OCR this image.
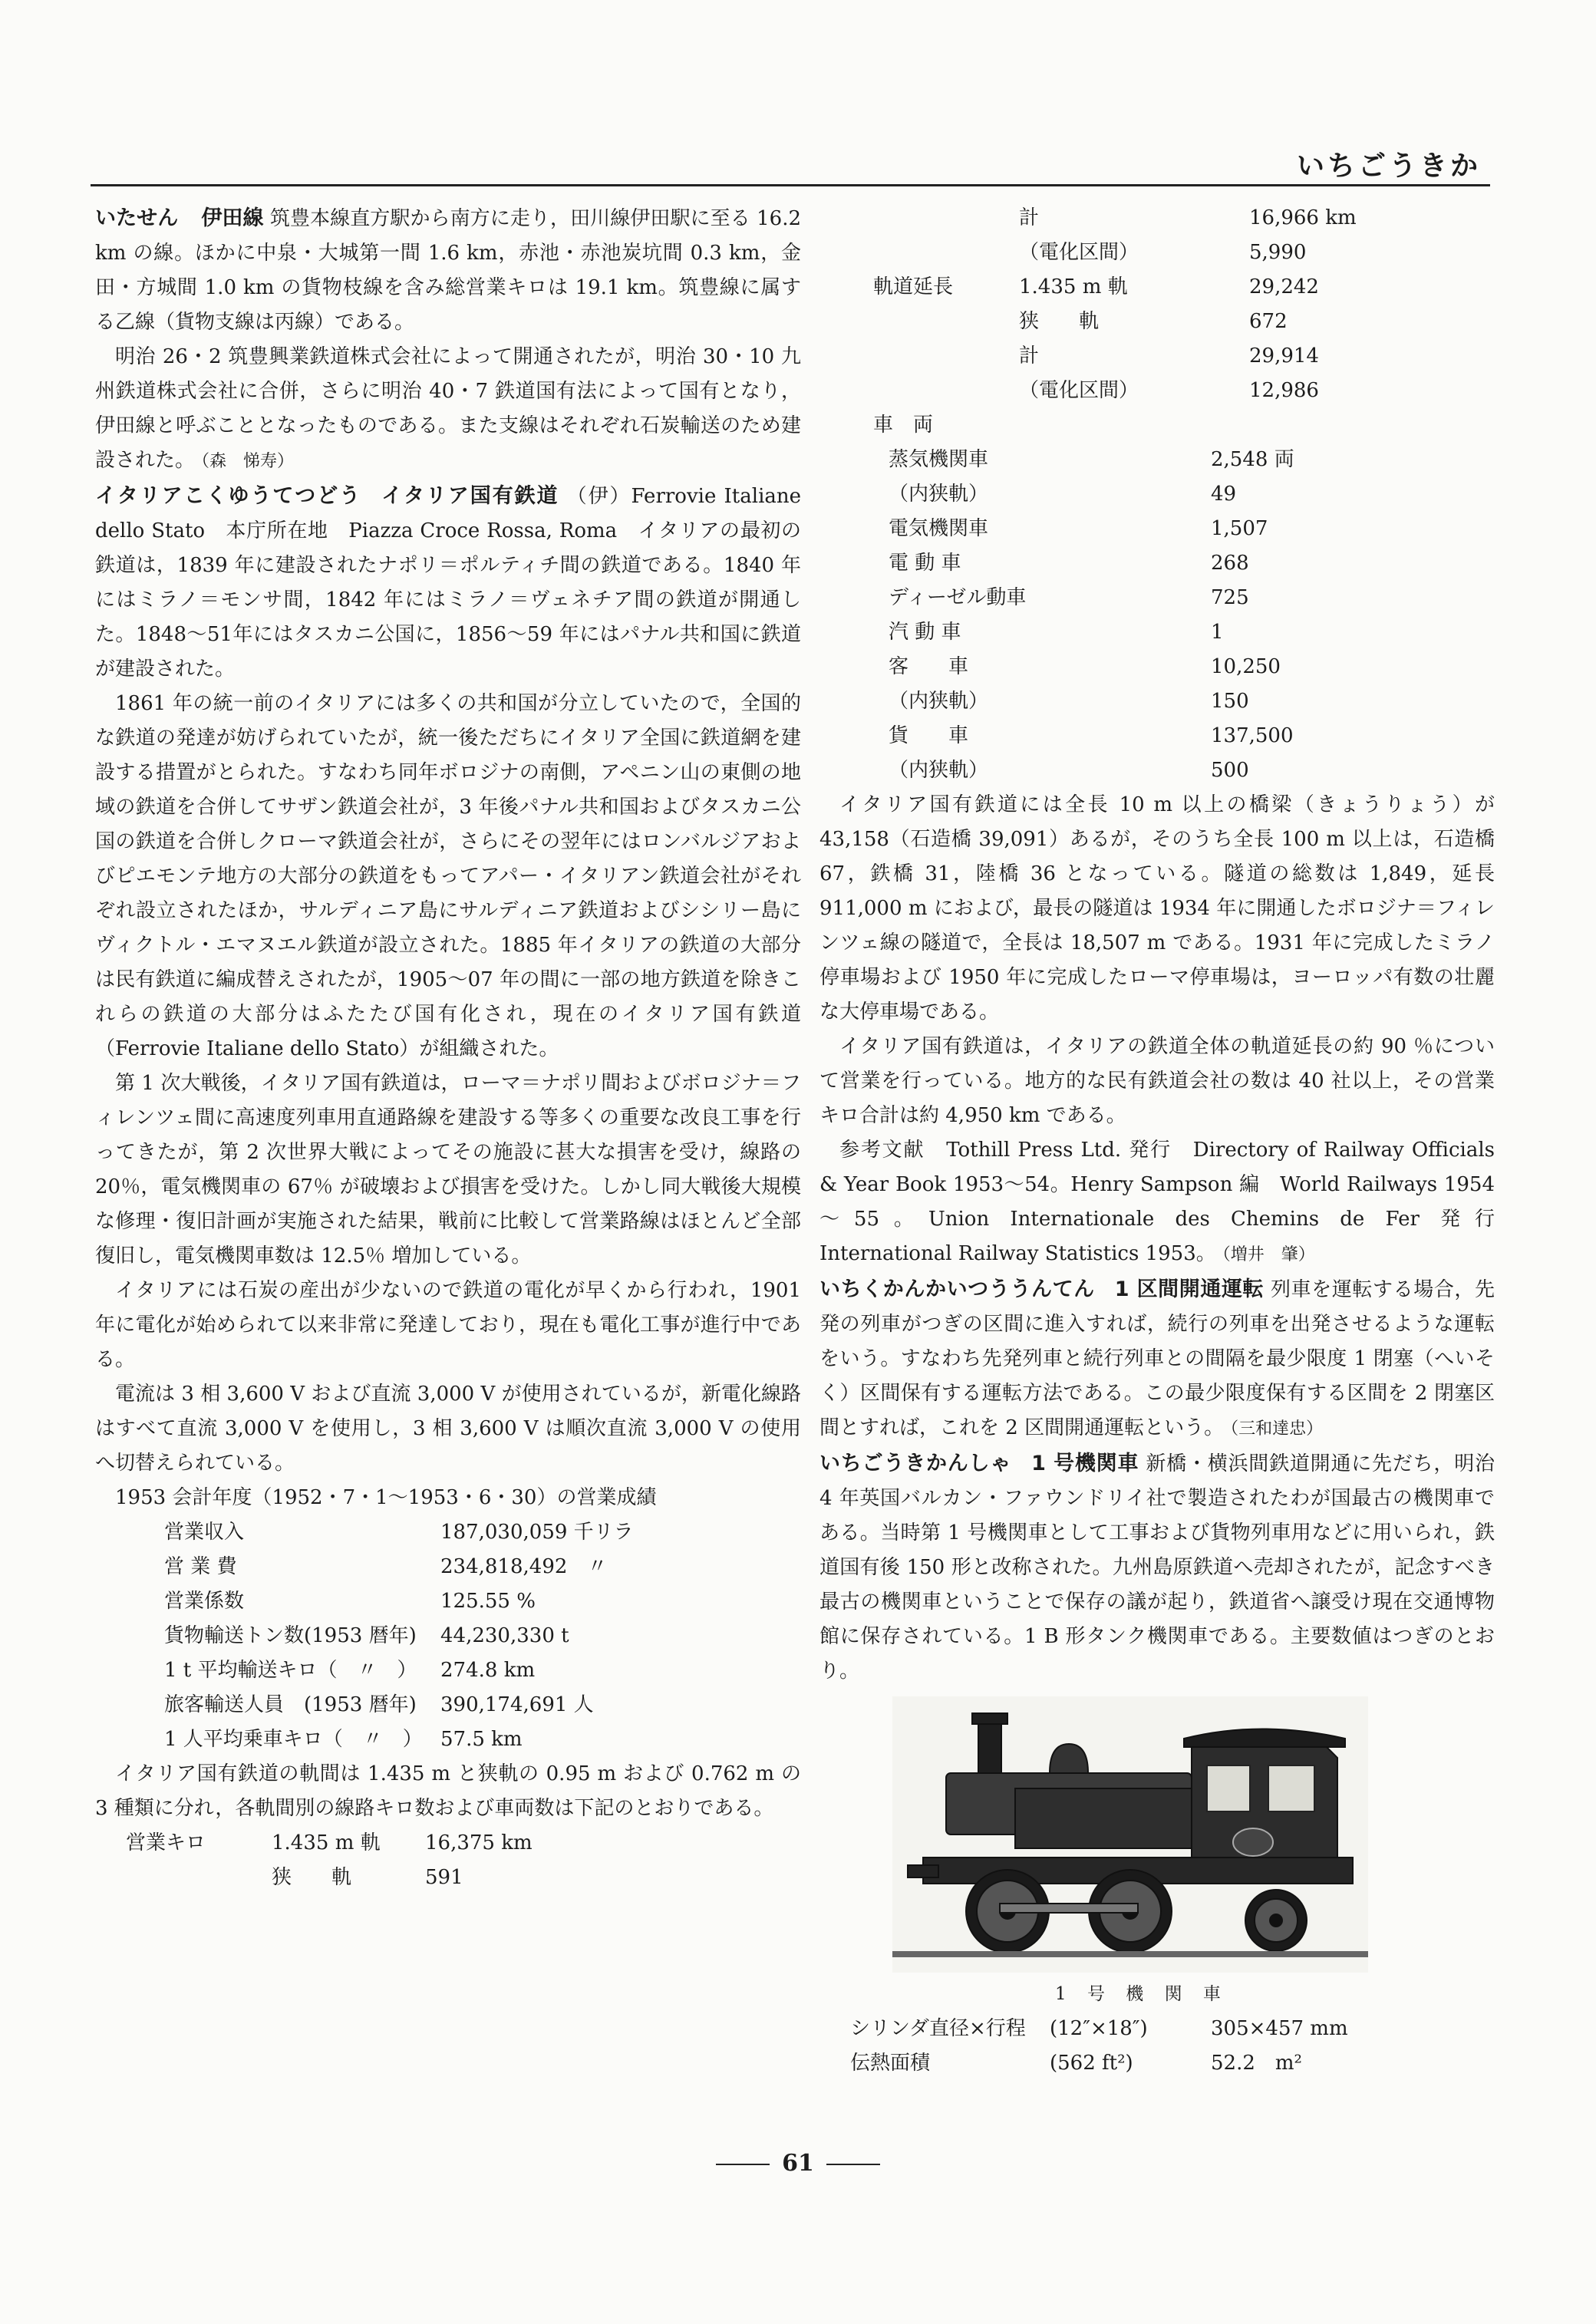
いちごうきか

いたせん 伊田線 筑豊本線直方駅から南方に走り，田川線伊田駅に至る 16.2 km の線。ほかに中泉・大城第一間 1.6 km，赤池・赤池炭坑間 0.3 km，金田・方城間 1.0 km の貨物枝線を含み総営業キロは 19.1 km。筑豊線に属する乙線（貨物支線は丙線）である。

明治 26・2 筑豊興業鉄道株式会社によって開通されたが，明治 30・10 九州鉄道株式会社に合併，さらに明治 40・7 鉄道国有法によって国有となり，伊田線と呼ぶこととなったものである。また支線はそれぞれ石炭輸送のため建設された。 （森　悌寿）

イタリアこくゆうてつどう イタリア国有鉄道 （伊）Ferrovie Italiane dello Stato　本庁所在地　Piazza Croce Rossa, Roma　イタリアの最初の鉄道は，1839 年に建設されたナポリ＝ポルティチ間の鉄道である。1840 年にはミラノ＝モンサ間，1842 年にはミラノ＝ヴェネチア間の鉄道が開通した。1848～51年にはタスカニ公国に，1856～59 年にはパナル共和国に鉄道が建設された。

1861 年の統一前のイタリアには多くの共和国が分立していたので，全国的な鉄道の発達が妨げられていたが，統一後ただちにイタリア全国に鉄道網を建設する措置がとられた。すなわち同年ボロジナの南側，アペニン山の東側の地域の鉄道を合併してサザン鉄道会社が，3 年後パナル共和国およびタスカニ公国の鉄道を合併しクローマ鉄道会社が，さらにその翌年にはロンバルジアおよびピエモンテ地方の大部分の鉄道をもってアパー・イタリアン鉄道会社がそれぞれ設立されたほか，サルディニア島にサルディニア鉄道およびシシリー島にヴィクトル・エマヌエル鉄道が設立された。1885 年イタリアの鉄道の大部分は民有鉄道に編成替えされたが，1905～07 年の間に一部の地方鉄道を除きこれらの鉄道の大部分はふたたび国有化され，現在のイタリア国有鉄道（Ferrovie Italiane dello Stato）が組織された。

第 1 次大戦後，イタリア国有鉄道は，ローマ＝ナポリ間およびボロジナ＝フィレンツェ間に高速度列車用直通路線を建設する等多くの重要な改良工事を行ってきたが，第 2 次世界大戦によってその施設に甚大な損害を受け，線路の 20％，電気機関車の 67％ が破壊および損害を受けた。しかし同大戦後大規模な修理・復旧計画が実施された結果，戦前に比較して営業路線はほとんど全部復旧し，電気機関車数は 12.5％ 増加している。

イタリアには石炭の産出が少ないので鉄道の電化が早くから行われ，1901 年に電化が始められて以来非常に発達しており，現在も電化工事が進行中である。

電流は 3 相 3,600 V および直流 3,000 V が使用されているが，新電化線路はすべて直流 3,000 V を使用し，3 相 3,600 V は順次直流 3,000 V の使用へ切替えられている。

1953 会計年度（1952・7・1～1953・6・30）の営業成績

営業収入	187,030,059 千リラ
営 業 費	234,818,492　〃
営業係数	125.55 %
貨物輸送トン数(1953 暦年)	44,230,330 t
1 t 平均輸送キロ（　〃　）	274.8 km
旅客輸送人員　(1953 暦年)	390,174,691 人
1 人平均乗車キロ（　〃　） 57.5 km

イタリア国有鉄道の軌間は 1.435 m と狭軌の 0.95 m および 0.762 m の 3 種類に分れ，各軌間別の線路キロ数および車両数は下記のとおりである。

営業キロ	1.435 m 軌	16,375 km
狭　　軌	591
計	16,966 km
（電化区間）	5,990
軌道延長	1.435 m 軌	29,242
狭　　軌	672
計	29,914
（電化区間）	12,986
車　両
蒸気機関車	2,548 両
（内狭軌）	49
電気機関車	1,507
電 動 車	268
ディーゼル動車	725
汽 動 車	1
客　　車	10,250
（内狭軌）	150
貨　　車	137,500
（内狭軌）	500

イタリア国有鉄道には全長 10 m 以上の橋梁（きょうりょう）が 43,158（石造橋 39,091）あるが，そのうち全長 100 m 以上は，石造橋 67，鉄橋 31，陸橋 36 となっている。隧道の総数は 1,849，延長 911,000 m におよび，最長の隧道は 1934 年に開通したボロジナ＝フィレンツェ線の隧道で，全長は 18,507 m である。1931 年に完成したミラノ停車場および 1950 年に完成したローマ停車場は，ヨーロッパ有数の壮麗な大停車場である。

イタリア国有鉄道は，イタリアの鉄道全体の軌道延長の約 90 ％について営業を行っている。地方的な民有鉄道会社の数は 40 社以上，その営業キロ合計は約 4,950 km である。

参考文献　Tothill Press Ltd. 発行　Directory of Railway Officials & Year Book 1953～54。Henry Sampson 編　World Railways 1954～55。Union Internationale des Chemins de Fer 発行　International Railway Statistics 1953。 （増井　肇）

いちくかんかいつううんてん 1 区間開通運転 列車を運転する場合，先発の列車がつぎの区間に進入すれば，続行の列車を出発させるような運転をいう。すなわち先発列車と続行列車との間隔を最少限度 1 閉塞（へいそく）区間保有する運転方法である。この最少限度保有する区間を 2 閉塞区間とすれば，これを 2 区間開通運転という。 （三和達忠）

いちごうきかんしゃ 1 号機関車 新橋・横浜間鉄道開通に先だち，明治 4 年英国バルカン・ファウンドリイ社で製造されたわが国最古の機関車である。当時第 1 号機関車として工事および貨物列車用などに用いられ，鉄道国有後 150 形と改称された。九州島原鉄道へ売却されたが，記念すべき最古の機関車ということで保存の議が起り，鉄道省へ譲受け現在交通博物館に保存されている。1 B 形タンク機関車である。主要数値はつぎのとおり。

1 号 機 関 車
シリンダ直径×行程	(12″×18″)	305×457 mm
伝熱面積	(562 ft²)	52.2　m²
61
